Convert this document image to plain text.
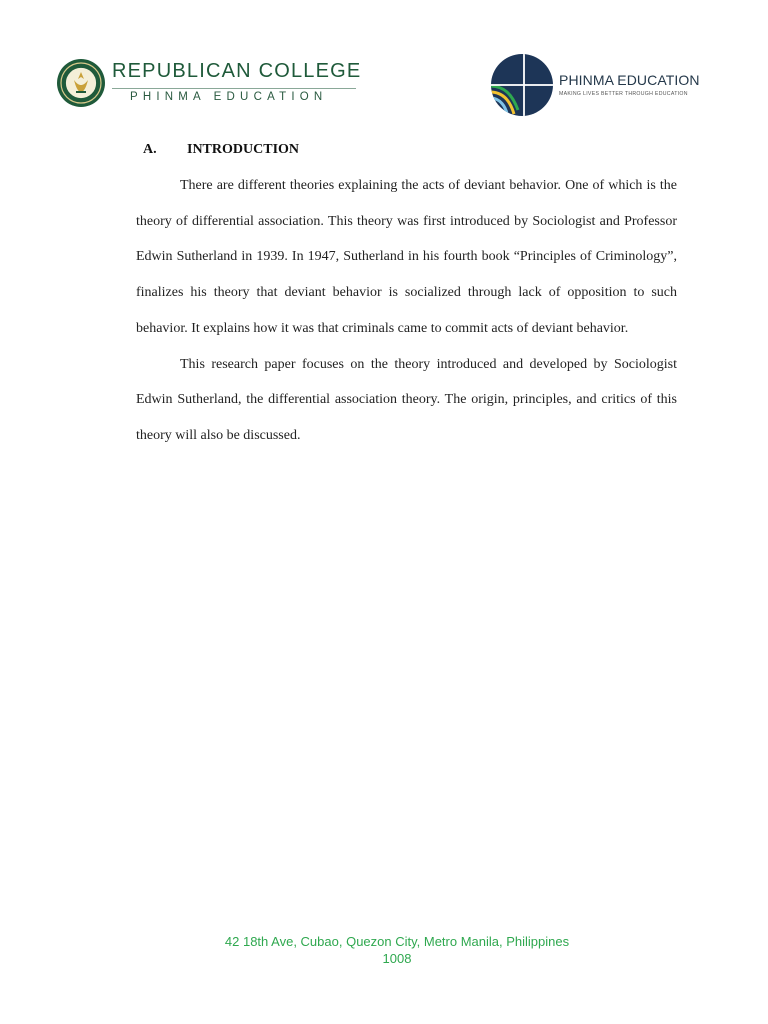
REPUBLICAN COLLEGE
PHINMA EDUCATION
PHINMA EDUCATION
MAKING LIVES BETTER THROUGH EDUCATION
A. INTRODUCTION

There are different theories explaining the acts of deviant behavior. One of which is the theory of differential association. This theory was first introduced by Sociologist and Professor Edwin Sutherland in 1939. In 1947, Sutherland in his fourth book “Principles of Criminology”, finalizes his theory that deviant behavior is socialized through lack of opposition to such behavior. It explains how it was that criminals came to commit acts of deviant behavior.

This research paper focuses on the theory introduced and developed by Sociologist Edwin Sutherland, the differential association theory. The origin, principles, and critics of this theory will also be discussed.

42 18th Ave, Cubao, Quezon City, Metro Manila, Philippines
1008
